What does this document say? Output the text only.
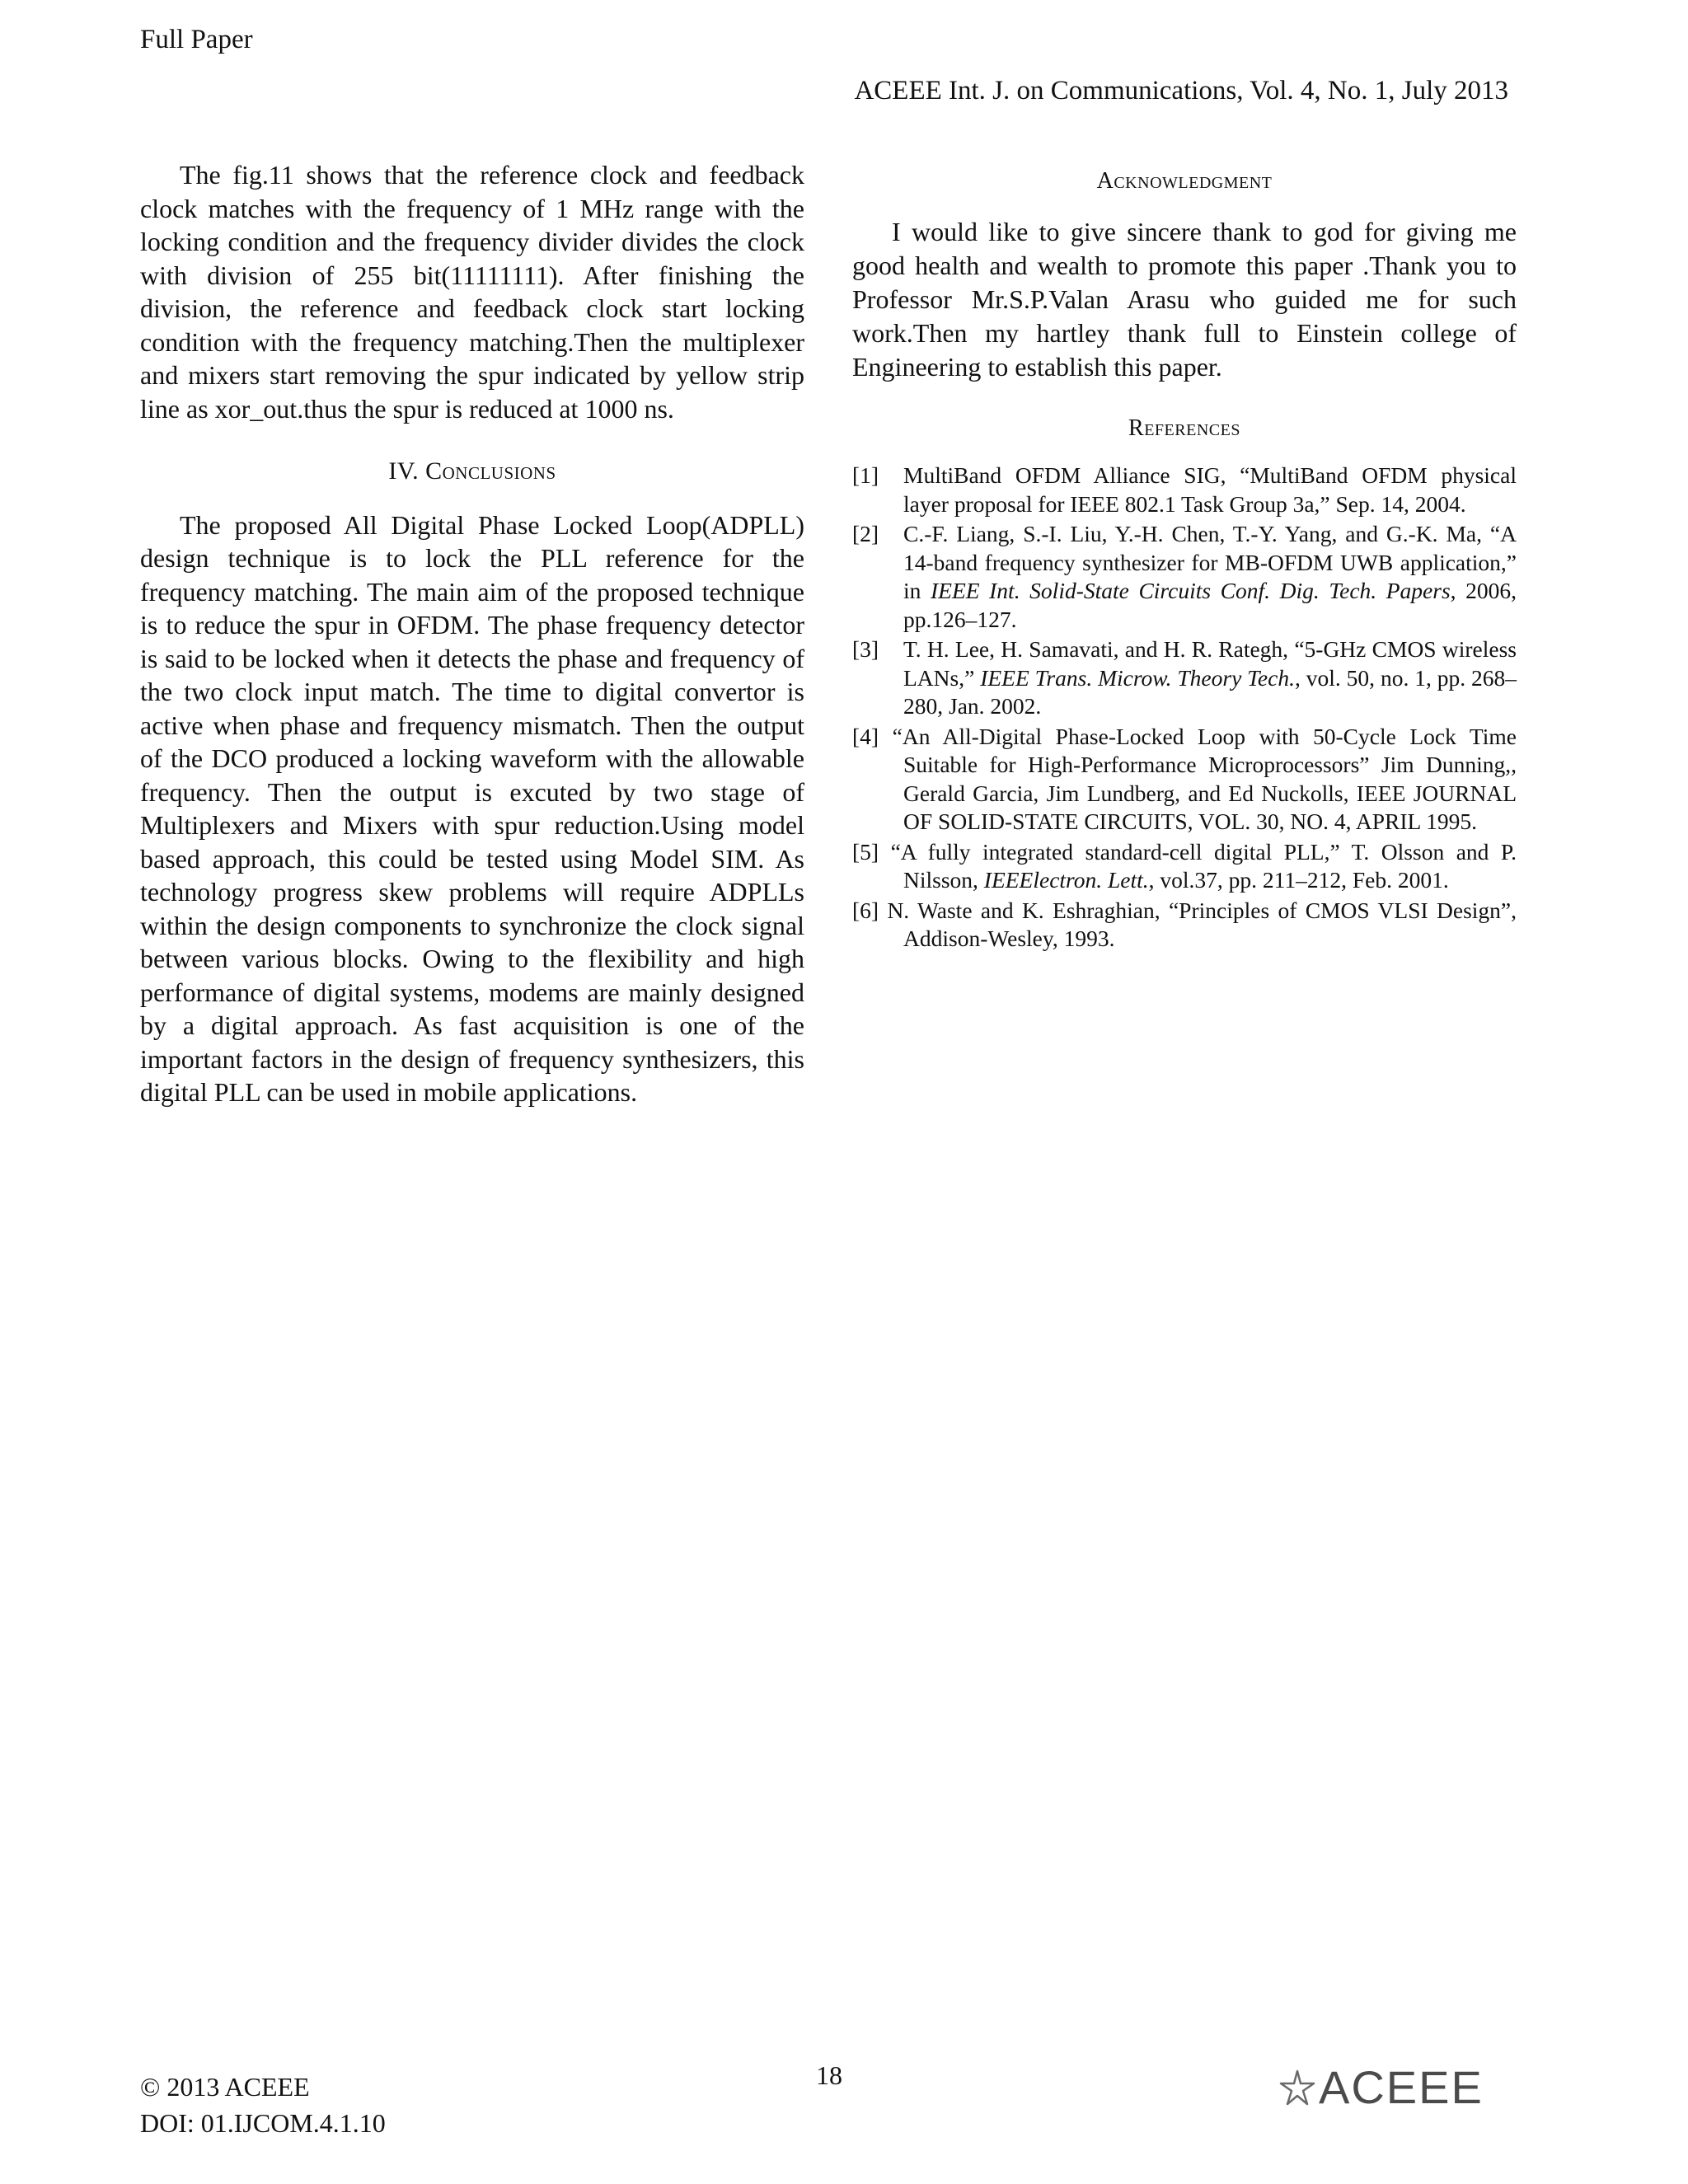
Full Paper
ACEEE Int. J. on Communications, Vol. 4, No. 1, July 2013

The fig.11 shows that the reference clock and feedback clock matches with the frequency of 1 MHz range with the locking condition and the frequency divider divides the clock with division of 255 bit(11111111). After finishing the division, the reference and feedback clock start locking condition with the frequency matching.Then the multiplexer and mixers start removing the spur indicated by yellow strip line as xor_out.thus the spur is reduced at 1000 ns.

IV. Conclusions

The proposed All Digital Phase Locked Loop(ADPLL) design technique is to lock the PLL reference for the frequency matching. The main aim of the proposed technique is to reduce the spur in OFDM. The phase frequency detector is said to be locked when it detects the phase and frequency of the two clock input match. The time to digital convertor is active when phase and frequency mismatch. Then the output of the DCO produced a locking waveform with the allowable frequency. Then the output is excuted by two stage of Multiplexers and Mixers with spur reduction.Using model based approach, this could be tested using Model SIM. As technology progress skew problems will require ADPLLs within the design components to synchronize the clock signal between various blocks. Owing to the flexibility and high performance of digital systems, modems are mainly designed by a digital approach. As fast acquisition is one of the important factors in the design of frequency synthesizers, this digital PLL can be used in mobile applications.

Acknowledgment

I would like to give sincere thank to god for giving me good health and wealth to promote this paper .Thank you to Professor Mr.S.P.Valan Arasu who guided me for such work.Then my hartley thank full to Einstein college of Engineering to establish this paper.

References
[1]	MultiBand OFDM Alliance SIG, “MultiBand OFDM physical layer proposal for IEEE 802.1 Task Group 3a,” Sep. 14, 2004.
[2]	C.-F. Liang, S.-I. Liu, Y.-H. Chen, T.-Y. Yang, and G.-K. Ma, “A 14-band frequency synthesizer for MB-OFDM UWB application,” in IEEE Int. Solid-State Circuits Conf. Dig. Tech. Papers, 2006, pp.126–127.
[3]	T. H. Lee, H. Samavati, and H. R. Rategh, “5-GHz CMOS wireless LANs,” IEEE Trans. Microw. Theory Tech., vol. 50, no. 1, pp. 268–280, Jan. 2002.
[4] “An All-Digital Phase-Locked Loop with 50-Cycle Lock Time Suitable for High-Performance Microprocessors” Jim Dunning,, Gerald Garcia, Jim Lundberg, and Ed Nuckolls, IEEE JOURNAL OF SOLID-STATE CIRCUITS, VOL. 30, NO. 4, APRIL 1995.
[5] “A fully integrated standard-cell digital PLL,” T. Olsson and P. Nilsson, IEEElectron. Lett., vol.37, pp. 211–212, Feb. 2001.
[6] N. Waste and K. Eshraghian, “Principles of CMOS VLSI Design”, Addison-Wesley, 1993.
© 2013 ACEEE
DOI: 01.IJCOM.4.1.10
18	ACEEE
